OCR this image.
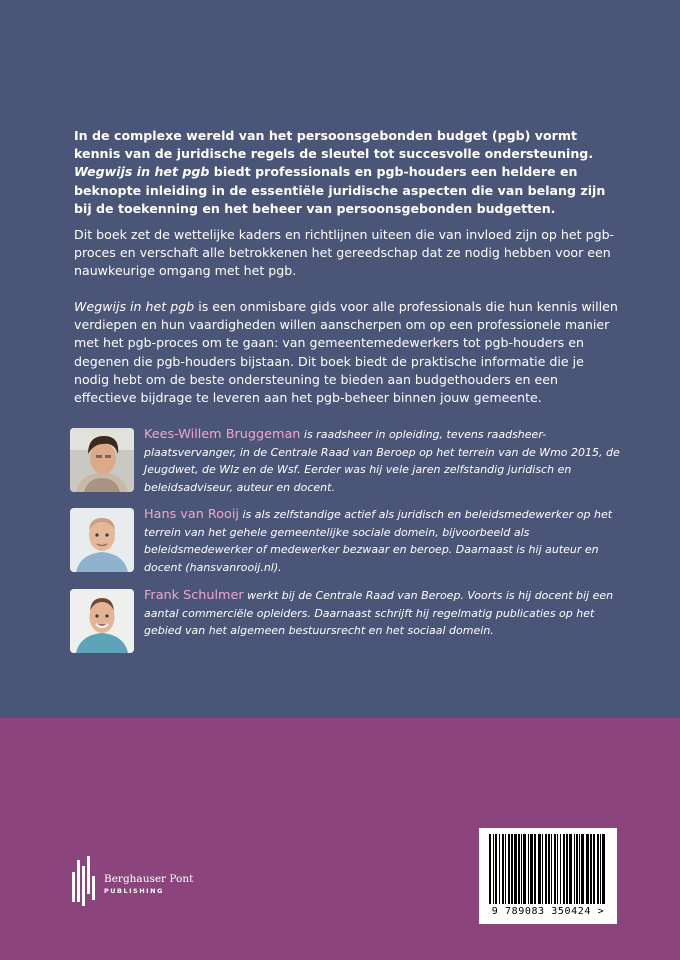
In de complexe wereld van het persoonsgebonden budget (pgb) vormt kennis van de juridische regels de sleutel tot succesvolle ondersteuning. Wegwijs in het pgb biedt professionals en pgb-houders een heldere en beknopte inleiding in de essentiële juridische aspecten die van belang zijn bij de toekenning en het beheer van persoonsgebonden budgetten.

Dit boek zet de wettelijke kaders en richtlijnen uiteen die van invloed zijn op het pgb-proces en verschaft alle betrokkenen het gereedschap dat ze nodig hebben voor een nauwkeurige omgang met het pgb.

Wegwijs in het pgb is een onmisbare gids voor alle professionals die hun kennis willen verdiepen en hun vaardigheden willen aanscherpen om op een professionele manier met het pgb-proces om te gaan: van gemeentemedewerkers tot pgb-houders en degenen die pgb-houders bijstaan. Dit boek biedt de praktische informatie die je nodig hebt om de beste ondersteuning te bieden aan budgethouders en een effectieve bijdrage te leveren aan het pgb-beheer binnen jouw gemeente.

Kees-Willem Bruggeman is raadsheer in opleiding, tevens raadsheer-plaatsvervanger, in de Centrale Raad van Beroep op het terrein van de Wmo 2015, de Jeugdwet, de Wlz en de Wsf. Eerder was hij vele jaren zelfstandig juridisch en beleidsadviseur, auteur en docent.

Hans van Rooij is als zelfstandige actief als juridisch en beleidsmedewerker op het terrein van het gehele gemeentelijke sociale domein, bijvoorbeeld als beleidsmedewerker of medewerker bezwaar en beroep. Daarnaast is hij auteur en docent (hansvanrooij.nl).

Frank Schulmer werkt bij de Centrale Raad van Beroep. Voorts is hij docent bij een aantal commerciële opleiders. Daarnaast schrijft hij regelmatig publicaties op het gebied van het algemeen bestuursrecht en het sociaal domein.

Berghauser Pont
PUBLISHING
9 789083 350424 >
